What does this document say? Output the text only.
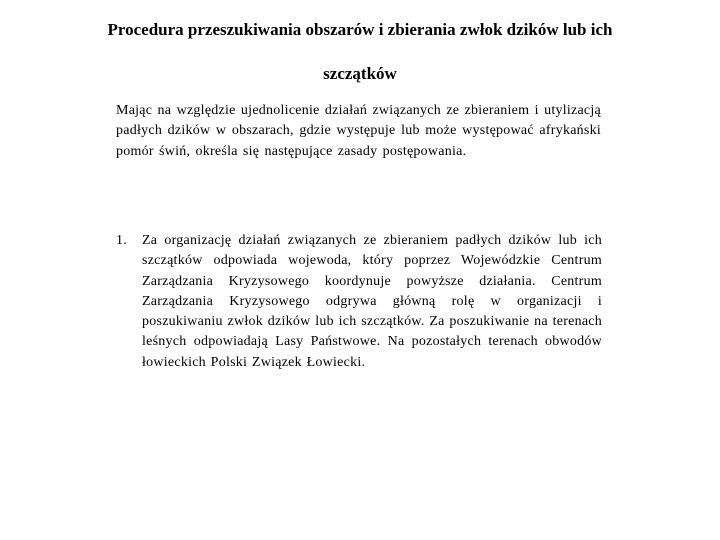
Procedura przeszukiwania obszarów i zbierania zwłok dzików lub ich
szczątków

Mając na względzie ujednolicenie działań związanych ze zbieraniem i utylizacją padłych dzików w obszarach, gdzie występuje lub może występować afrykański pomór świń, określa się następujące zasady postępowania.

1. Za organizację działań związanych ze zbieraniem padłych dzików lub ich szczątków odpowiada wojewoda, który poprzez Wojewódzkie Centrum Zarządzania Kryzysowego koordynuje powyższe działania. Centrum Zarządzania Kryzysowego odgrywa główną rolę w organizacji i poszukiwaniu zwłok dzików lub ich szczątków. Za poszukiwanie na terenach leśnych odpowiadają Lasy Państwowe. Na pozostałych terenach obwodów łowieckich Polski Związek Łowiecki.
